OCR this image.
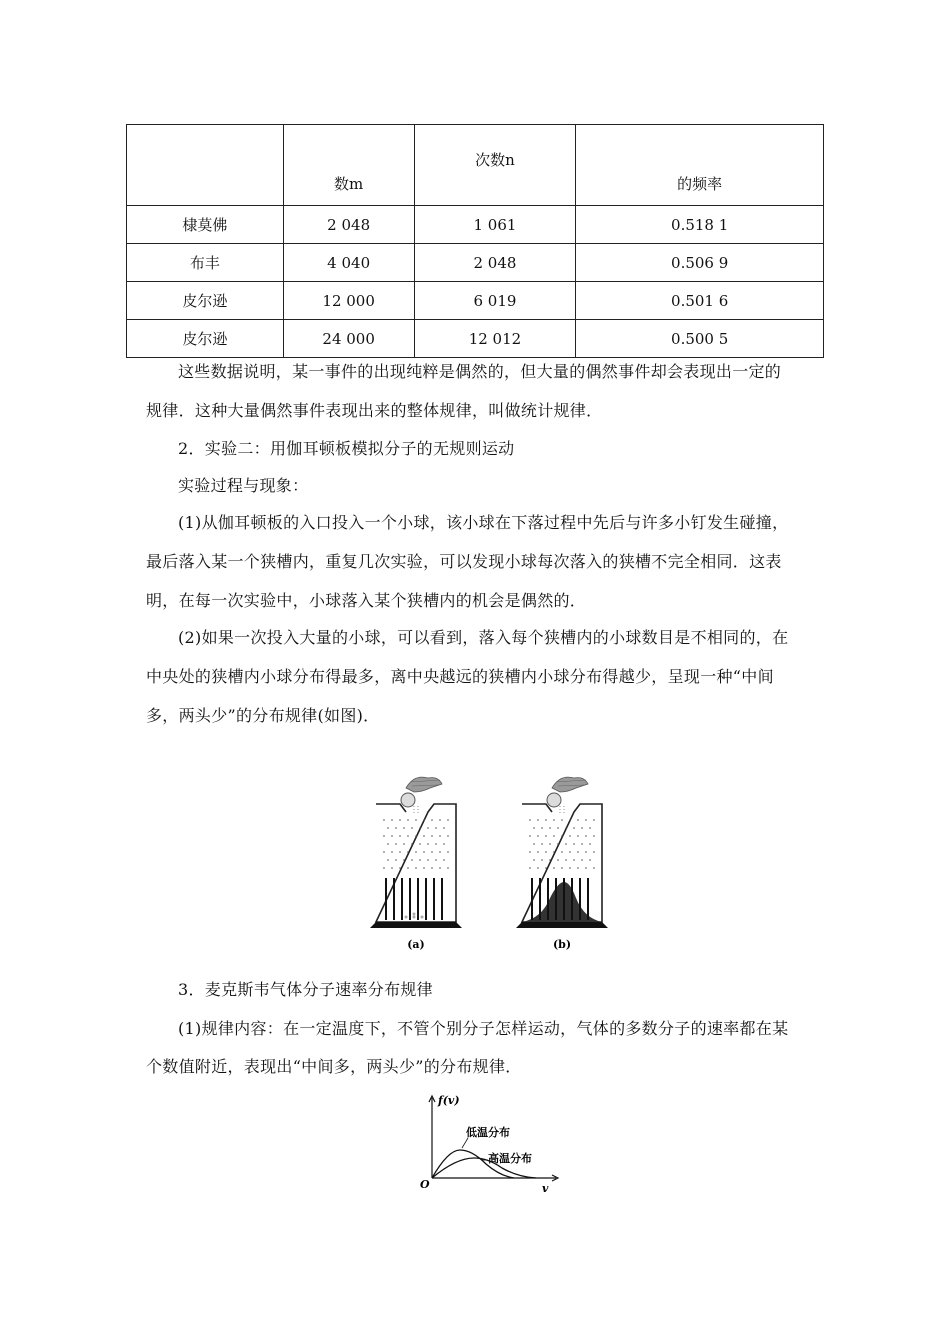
	数m	次数n	的频率

棣莫佛	2 048	1 061	0.518 1
布丰	4 040	2 048	0.506 9
皮尔逊	12 000	6 019	0.501 6
皮尔逊	24 000	12 012	0.500 5
这些数据说明，某一事件的出现纯粹是偶然的，但大量的偶然事件却会表现出一定的
规律．这种大量偶然事件表现出来的整体规律，叫做统计规律．
2．实验二：用伽耳顿板模拟分子的无规则运动
实验过程与现象：
(1)从伽耳顿板的入口投入一个小球，该小球在下落过程中先后与许多小钉发生碰撞，
最后落入某一个狭槽内，重复几次实验，可以发现小球每次落入的狭槽不完全相同．这表
明，在每一次实验中，小球落入某个狭槽内的机会是偶然的．
(2)如果一次投入大量的小球，可以看到，落入每个狭槽内的小球数目是不相同的，在
中央处的狭槽内小球分布得最多，离中央越远的狭槽内小球分布得越少，呈现一种“中间
多，两头少”的分布规律(如图)．
(a)	(b)
3．麦克斯韦气体分子速率分布规律
(1)规律内容：在一定温度下，不管个别分子怎样运动，气体的多数分子的速率都在某
个数值附近，表现出“中间多，两头少”的分布规律．
f(v)
v
O
低温分布
高温分布
